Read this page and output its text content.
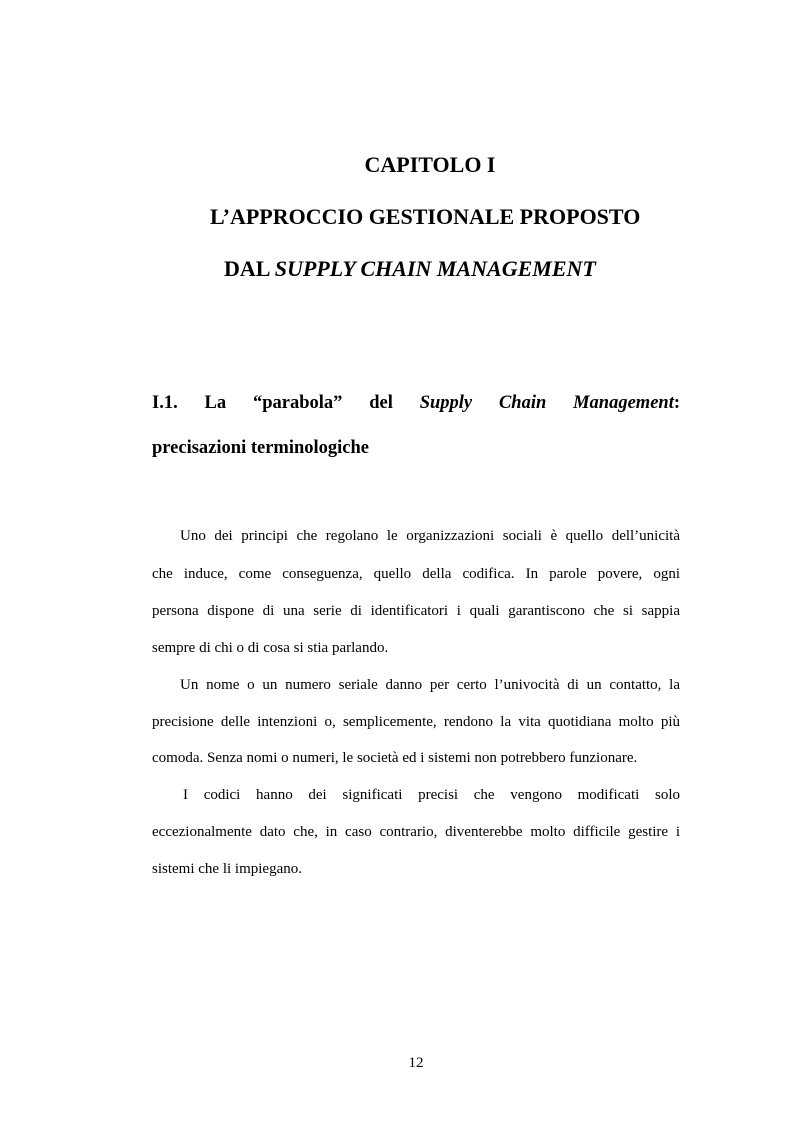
CAPITOLO I
L’APPROCCIO GESTIONALE PROPOSTO
DAL SUPPLY CHAIN MANAGEMENT
I.1. La “parabola” del Supply Chain Management:
precisazioni terminologiche

Uno dei principi che regolano le organizzazioni sociali è quello dell’unicità

che induce, come conseguenza, quello della codifica. In parole povere, ogni

persona dispone di una serie di identificatori i quali garantiscono che si sappia

sempre di chi o di cosa si stia parlando.

Un nome o un numero seriale danno per certo l’univocità di un contatto, la

precisione delle intenzioni o, semplicemente, rendono la vita quotidiana molto più

comoda. Senza nomi o numeri, le società ed i sistemi non potrebbero funzionare.

I codici hanno dei significati precisi che vengono modificati solo

eccezionalmente dato che, in caso contrario, diventerebbe molto difficile gestire i

sistemi che li impiegano.

12
